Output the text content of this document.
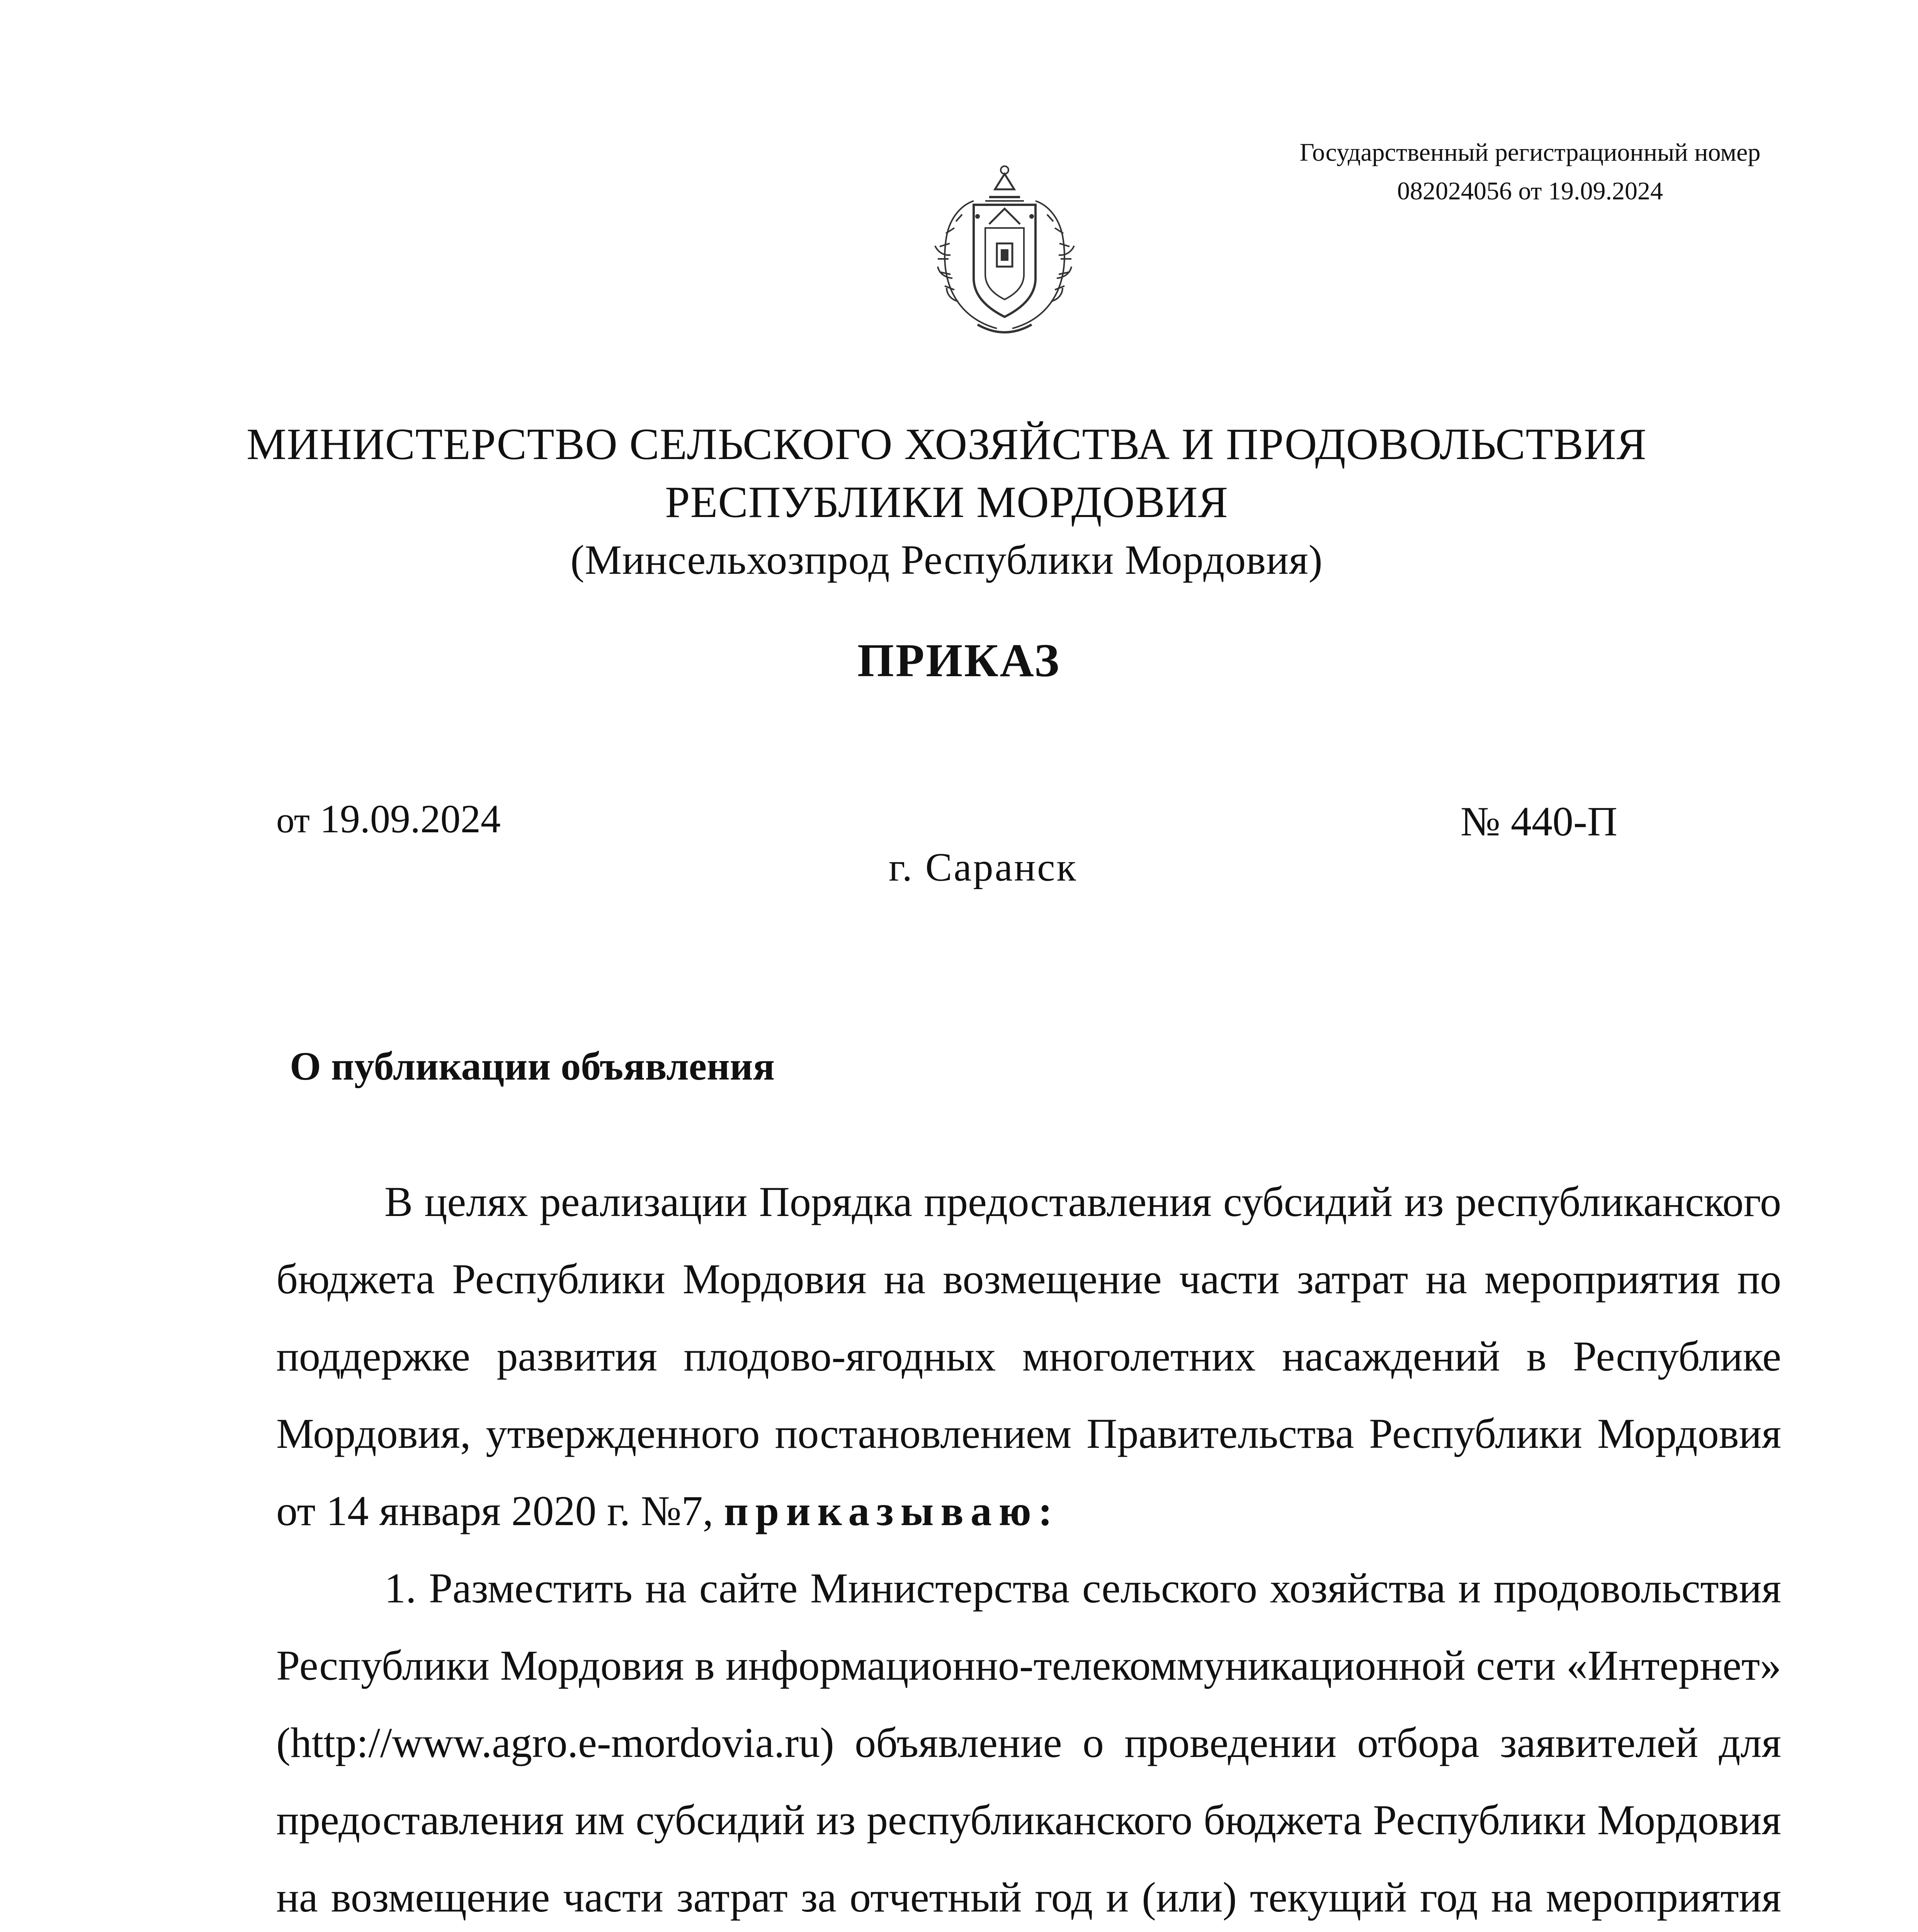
Государственный регистрационный номер
082024056 от 19.09.2024
МИНИСТЕРСТВО СЕЛЬСКОГО ХОЗЯЙСТВА И ПРОДОВОЛЬСТВИЯ
РЕСПУБЛИКИ МОРДОВИЯ
(Минсельхозпрод Республики Мордовия)
ПРИКАЗ
от 19.09.2024	№ 440-П
г. Саранск
О публикации объявления

В целях реализации Порядка предоставления субсидий из республиканского бюджета Республики Мордовия на возмещение части затрат на мероприятия по поддержке развития плодово-ягодных многолетних насаждений в Республике Мордовия, утвержденного постановлением Правительства Республики Мордовия от 14 января 2020 г. №7, приказываю:

1. Разместить на сайте Министерства сельского хозяйства и продовольствия Республики Мордовия в информационно-телекоммуникационной сети «Интернет» (http://www.agro.e-mordovia.ru) объявление о проведении отбора заявителей для предоставления им субсидий из республиканского бюджета Республики Мордовия на возмещение части затрат за отчетный год и (или) текущий год на мероприятия
